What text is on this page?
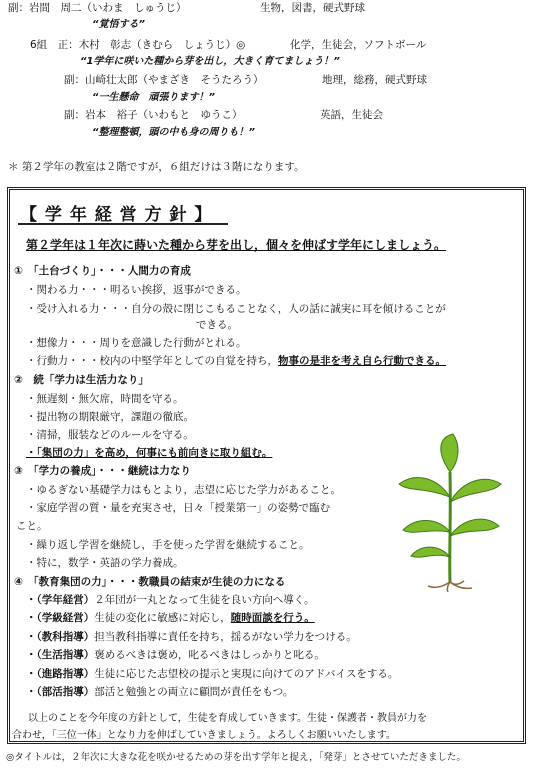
副：岩間　周二（いわま　しゅうじ）	生物，図書，硬式野球
“覚悟する”
6組　正：木村　彰志（きむら　しょうじ）◎	化学，生徒会，ソフトボール
“1学年に咲いた種から芽を出し，大きく育てましょう！”
副：山崎壮太郎（やまざき　そうたろう）	地理，総務，硬式野球
“一生懸命　頑張ります！”
副：岩本　裕子（いわもと　ゆうこ）	英語，生徒会
“整理整頓，頭の中も身の周りも！”
＊ 第２学年の教室は２階ですが，６組だけは３階になります。
【 学 年 経 営 方 針 】
第２学年は１年次に蒔いた種から芽を出し，個々を伸ばす学年にしましょう。
①　「土台づくり」・・・人間力の育成
・関わる力・・・明るい挨拶，返事ができる。
・受け入れる力・・・自分の殻に閉じこもることなく，人の話に誠実に耳を傾けることが
できる。
・想像力・・・周りを意識した行動がとれる。
・行動力・・・校内の中堅学年としての自覚を持ち，物事の是非を考え自ら行動できる。
②　続「学力は生活力なり」
・無遅刻・無欠席，時間を守る。
・提出物の期限厳守，課題の徹底。
・清掃，服装などのルールを守る。
・「集団の力」を高め，何事にも前向きに取り組む。
③　「学力の養成」・・・継続は力なり
・ゆるぎない基礎学力はもとより，志望に応じた学力があること。
・家庭学習の質・量を充実させ，日々「授業第一」の姿勢で臨む
こと。
・繰り返し学習を継続し，手を使った学習を継続すること。
・特に，数学・英語の学力養成。
④　「教育集団の力」・・・教職員の結束が生徒の力になる
・（学年経営）２年団が一丸となって生徒を良い方向へ導く。
・（学級経営）生徒の変化に敏感に対応し，随時面談を行う。
・（教科指導）担当教科指導に責任を持ち，揺るがない学力をつける。
・（生活指導）褒めるべきは褒め，叱るべきはしっかりと叱る。
・（進路指導）生徒に応じた志望校の提示と実現に向けてのアドバイスをする。
・（部活指導）部活と勉強との両立に顧問が責任をもつ。
以上のことを今年度の方針として，生徒を育成していきます。生徒・保護者・教員が力を
合わせ，「三位一体」となり力を伸ばしていきましょう。よろしくお願いいたします。
◎タイトルは，２年次に大きな花を咲かせるための芽を出す学年と捉え，「発芽」とさせていただきました。
